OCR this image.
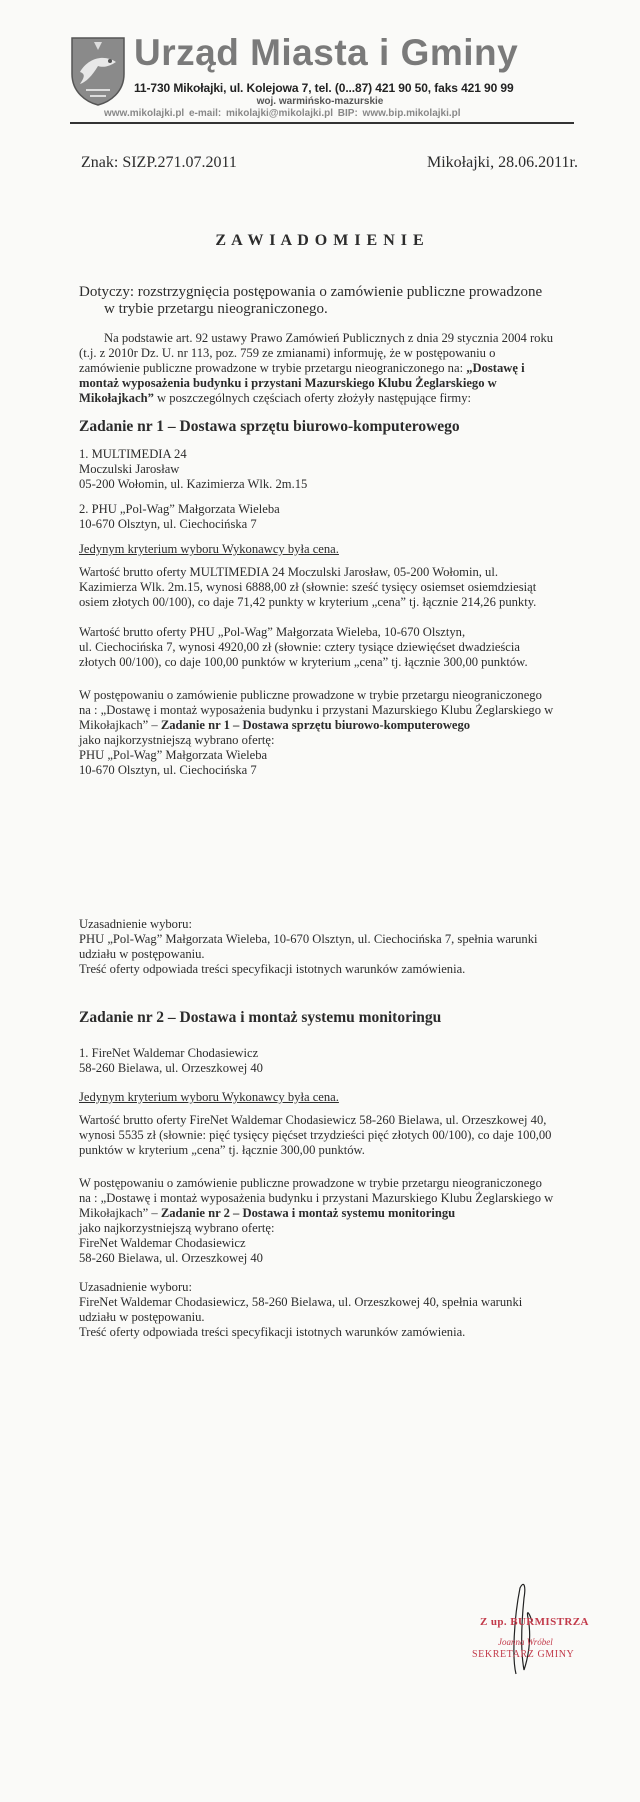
Urząd Miasta i Gminy
11-730 Mikołajki, ul. Kolejowa 7, tel. (0...87) 421 90 50, faks 421 90 99
woj. warmińsko-mazurskie
www.mikolajki.pl e-mail: mikolajki@mikolajki.pl BIP: www.bip.mikolajki.pl
Znak: SIZP.271.07.2011	Mikołajki, 28.06.2011r.
Z A W I A D O M I E N I E
Dotyczy: rozstrzygnięcia postępowania o zamówienie publiczne prowadzone
w trybie przetargu nieograniczonego.
Na podstawie art. 92 ustawy Prawo Zamówień Publicznych z dnia 29 stycznia 2004 roku
(t.j. z 2010r Dz. U. nr 113, poz. 759 ze zmianami) informuję, że w postępowaniu o
zamówienie publiczne prowadzone w trybie przetargu nieograniczonego na: „Dostawę i
montaż wyposażenia budynku i przystani Mazurskiego Klubu Żeglarskiego w
Mikołajkach” w poszczególnych częściach oferty złożyły następujące firmy:
Zadanie nr 1 – Dostawa sprzętu biurowo-komputerowego
1. MULTIMEDIA 24
Moczulski Jarosław
05-200 Wołomin, ul. Kazimierza Wlk. 2m.15
2. PHU „Pol-Wag” Małgorzata Wieleba
10-670 Olsztyn, ul. Ciechocińska 7
Jedynym kryterium wyboru Wykonawcy była cena.
Wartość brutto oferty MULTIMEDIA 24 Moczulski Jarosław, 05-200 Wołomin, ul.
Kazimierza Wlk. 2m.15, wynosi 6888,00 zł (słownie: sześć tysięcy osiemset osiemdziesiąt
osiem złotych 00/100), co daje 71,42 punkty w kryterium „cena” tj. łącznie 214,26 punkty.
Wartość brutto oferty PHU „Pol-Wag” Małgorzata Wieleba, 10-670 Olsztyn,
ul. Ciechocińska 7, wynosi 4920,00 zł (słownie: cztery tysiące dziewięćset dwadzieścia
złotych 00/100), co daje 100,00 punktów w kryterium „cena” tj. łącznie 300,00 punktów.
W postępowaniu o zamówienie publiczne prowadzone w trybie przetargu nieograniczonego
na : „Dostawę i montaż wyposażenia budynku i przystani Mazurskiego Klubu Żeglarskiego w
Mikołajkach” – Zadanie nr 1 – Dostawa sprzętu biurowo-komputerowego
jako najkorzystniejszą wybrano ofertę:
PHU „Pol-Wag” Małgorzata Wieleba
10-670 Olsztyn, ul. Ciechocińska 7
Uzasadnienie wyboru:
PHU „Pol-Wag” Małgorzata Wieleba, 10-670 Olsztyn, ul. Ciechocińska 7, spełnia warunki
udziału w postępowaniu.
Treść oferty odpowiada treści specyfikacji istotnych warunków zamówienia.
Zadanie nr 2 – Dostawa i montaż systemu monitoringu
1. FireNet Waldemar Chodasiewicz
58-260 Bielawa, ul. Orzeszkowej 40
Jedynym kryterium wyboru Wykonawcy była cena.
Wartość brutto oferty FireNet Waldemar Chodasiewicz 58-260 Bielawa, ul. Orzeszkowej 40,
wynosi 5535 zł (słownie: pięć tysięcy pięćset trzydzieści pięć złotych 00/100), co daje 100,00
punktów w kryterium „cena” tj. łącznie 300,00 punktów.
W postępowaniu o zamówienie publiczne prowadzone w trybie przetargu nieograniczonego
na : „Dostawę i montaż wyposażenia budynku i przystani Mazurskiego Klubu Żeglarskiego w
Mikołajkach” – Zadanie nr 2 – Dostawa i montaż systemu monitoringu
jako najkorzystniejszą wybrano ofertę:
FireNet Waldemar Chodasiewicz
58-260 Bielawa, ul. Orzeszkowej 40
Uzasadnienie wyboru:
FireNet Waldemar Chodasiewicz, 58-260 Bielawa, ul. Orzeszkowej 40, spełnia warunki
udziału w postępowaniu.
Treść oferty odpowiada treści specyfikacji istotnych warunków zamówienia.
Z up. BURMISTRZA
Joanna Wróbel
SEKRETARZ GMINY
